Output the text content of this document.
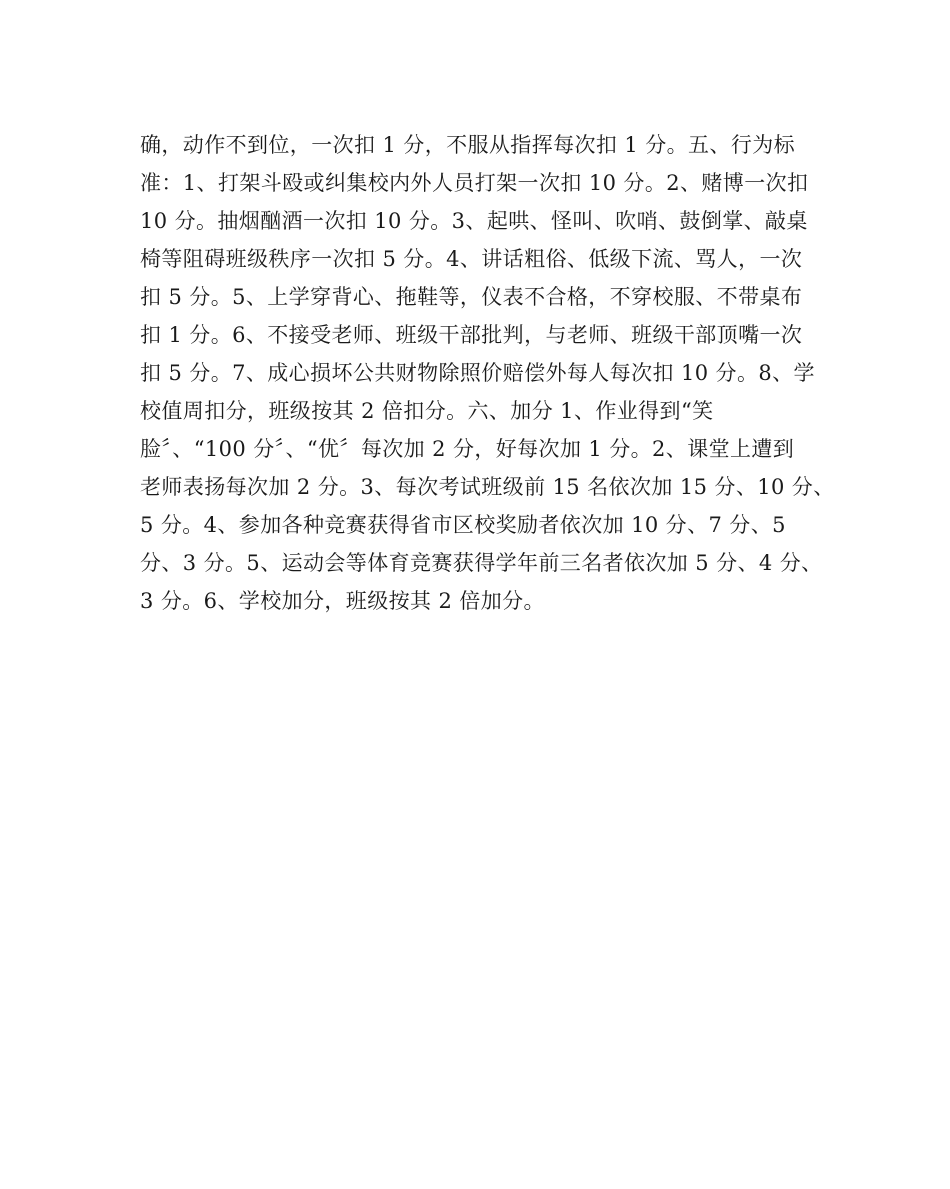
确，动作不到位，一次扣 1 分，不服从指挥每次扣 1 分。五、行为标
准：1、打架斗殴或纠集校内外人员打架一次扣 10 分。2、赌博一次扣
10 分。抽烟酗酒一次扣 10 分。3、起哄、怪叫、吹哨、鼓倒掌、敲桌
椅等阻碍班级秩序一次扣 5 分。4、讲话粗俗、低级下流、骂人，一次
扣 5 分。5、上学穿背心、拖鞋等，仪表不合格，不穿校服、不带桌布
扣 1 分。6、不接受老师、班级干部批判，与老师、班级干部顶嘴一次
扣 5 分。7、成心损坏公共财物除照价赔偿外每人每次扣 10 分。8、学
校值周扣分，班级按其 2 倍扣分。六、加分 1、作业得到“笑
脸〞、“100 分〞、“优〞每次加 2 分，好每次加 1 分。2、课堂上遭到
老师表扬每次加 2 分。3、每次考试班级前 15 名依次加 15 分、10 分、
5 分。4、参加各种竞赛获得省市区校奖励者依次加 10 分、7 分、5
分、3 分。5、运动会等体育竞赛获得学年前三名者依次加 5 分、4 分、
3 分。6、学校加分，班级按其 2 倍加分。
